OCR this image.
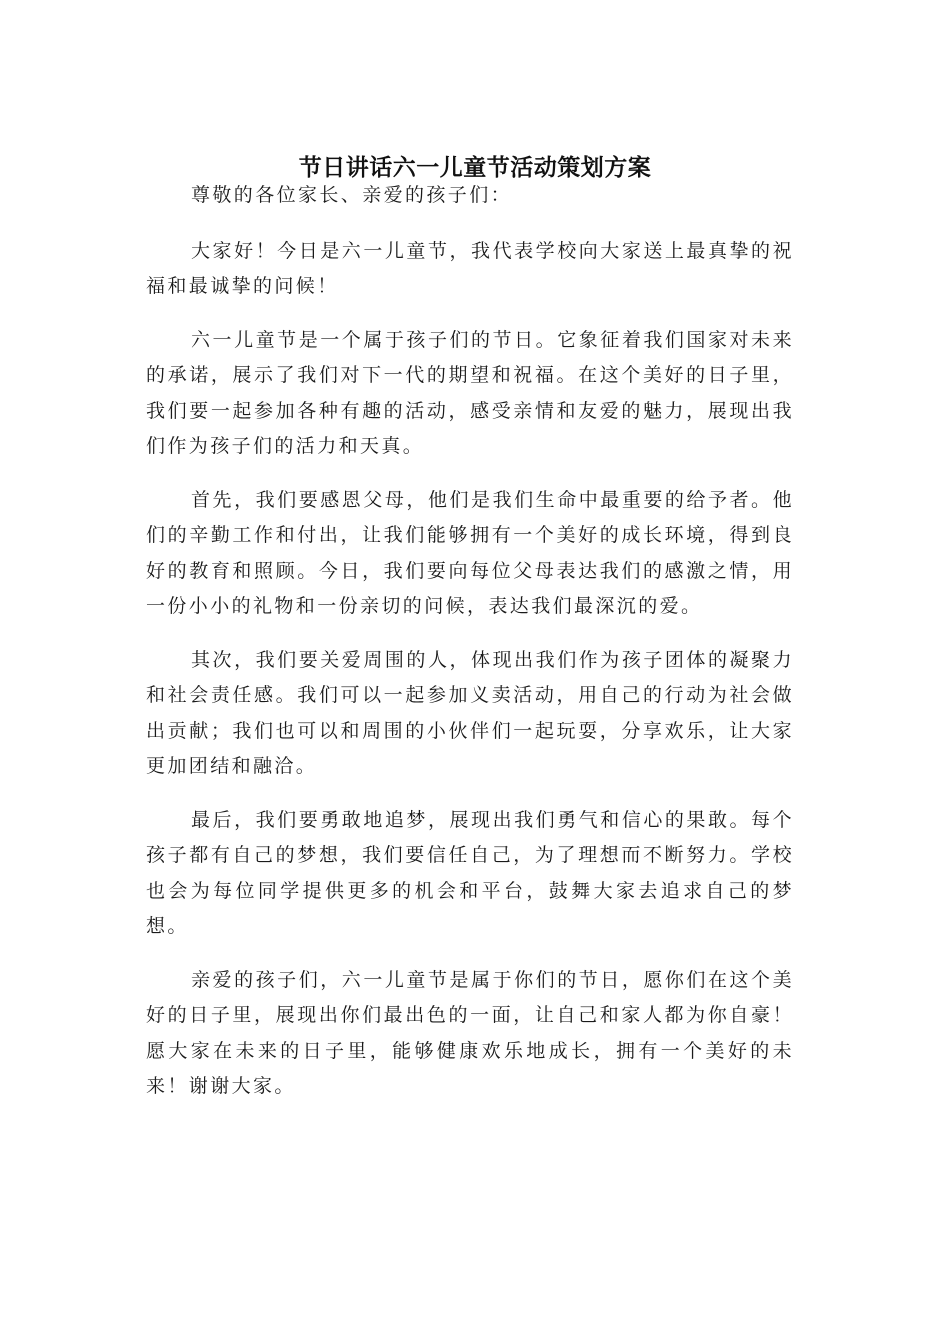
节日讲话六一儿童节活动策划方案

尊敬的各位家长、亲爱的孩子们：

大家好！今日是六一儿童节，我代表学校向大家送上最真挚的祝福和最诚挚的问候！

六一儿童节是一个属于孩子们的节日。它象征着我们国家对未来的承诺，展示了我们对下一代的期望和祝福。在这个美好的日子里，我们要一起参加各种有趣的活动，感受亲情和友爱的魅力，展现出我们作为孩子们的活力和天真。

首先，我们要感恩父母，他们是我们生命中最重要的给予者。他们的辛勤工作和付出，让我们能够拥有一个美好的成长环境，得到良好的教育和照顾。今日，我们要向每位父母表达我们的感激之情，用一份小小的礼物和一份亲切的问候，表达我们最深沉的爱。

其次，我们要关爱周围的人，体现出我们作为孩子团体的凝聚力和社会责任感。我们可以一起参加义卖活动，用自己的行动为社会做出贡献；我们也可以和周围的小伙伴们一起玩耍，分享欢乐，让大家更加团结和融洽。

最后，我们要勇敢地追梦，展现出我们勇气和信心的果敢。每个孩子都有自己的梦想，我们要信任自己，为了理想而不断努力。学校也会为每位同学提供更多的机会和平台，鼓舞大家去追求自己的梦想。

亲爱的孩子们，六一儿童节是属于你们的节日，愿你们在这个美好的日子里，展现出你们最出色的一面，让自己和家人都为你自豪！愿大家在未来的日子里，能够健康欢乐地成长，拥有一个美好的未来！谢谢大家。
